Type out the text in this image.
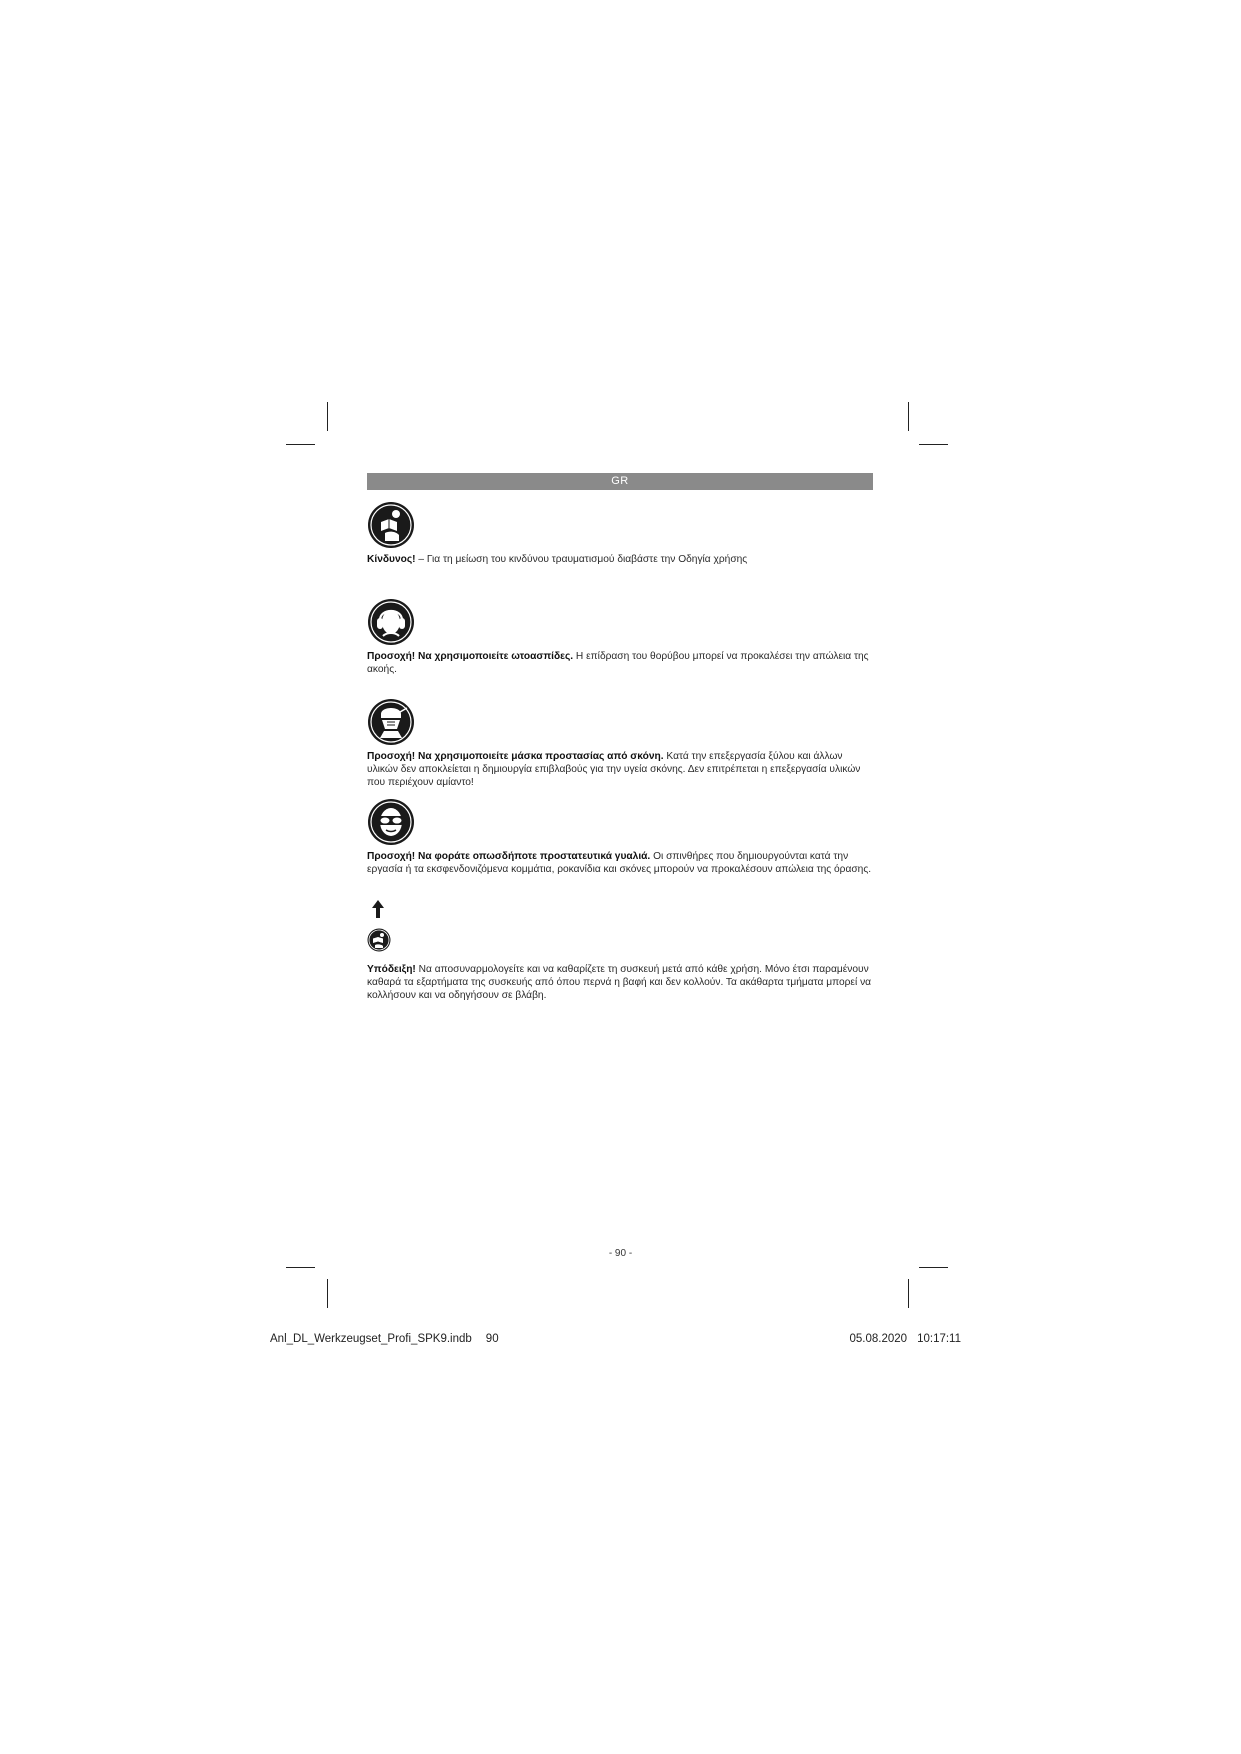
GR

Κίνδυνος! – Για τη μείωση του κινδύνου τραυματισμού διαβάστε την Οδηγία χρήσης

Προσοχή! Να χρησιμοποιείτε ωτοασπίδες. Η επίδραση του θορύβου μπορεί να προκαλέσει την απώλεια της ακοής.

Προσοχή! Να χρησιμοποιείτε μάσκα προστασίας από σκόνη. Κατά την επεξεργασία ξύλου και άλλων υλικών δεν αποκλείεται η δημιουργία επιβλαβούς για την υγεία σκόνης. Δεν επιτρέπεται η επεξεργασία υλικών που περιέχουν αμίαντο!

Προσοχή! Να φοράτε οπωσδήποτε προστατευτικά γυαλιά. Οι σπινθήρες που δημιουργούνται κατά την εργασία ή τα εκσφενδονιζόμενα κομμάτια, ροκανίδια και σκόνες μπορούν να προκαλέσουν απώλεια της όρασης.

Υπόδειξη! Να αποσυναρμολογείτε και να καθαρίζετε τη συσκευή μετά από κάθε χρήση. Μόνο έτσι παραμένουν καθαρά τα εξαρτήματα της συσκευής από όπου περνά η βαφή και δεν κολλούν. Τα ακάθαρτα τμήματα μπορεί να κολλήσουν και να οδηγήσουν σε βλάβη.

- 90 -
Anl_DL_Werkzeugset_Profi_SPK9.indb 90	05.08.2020 10:17:11
